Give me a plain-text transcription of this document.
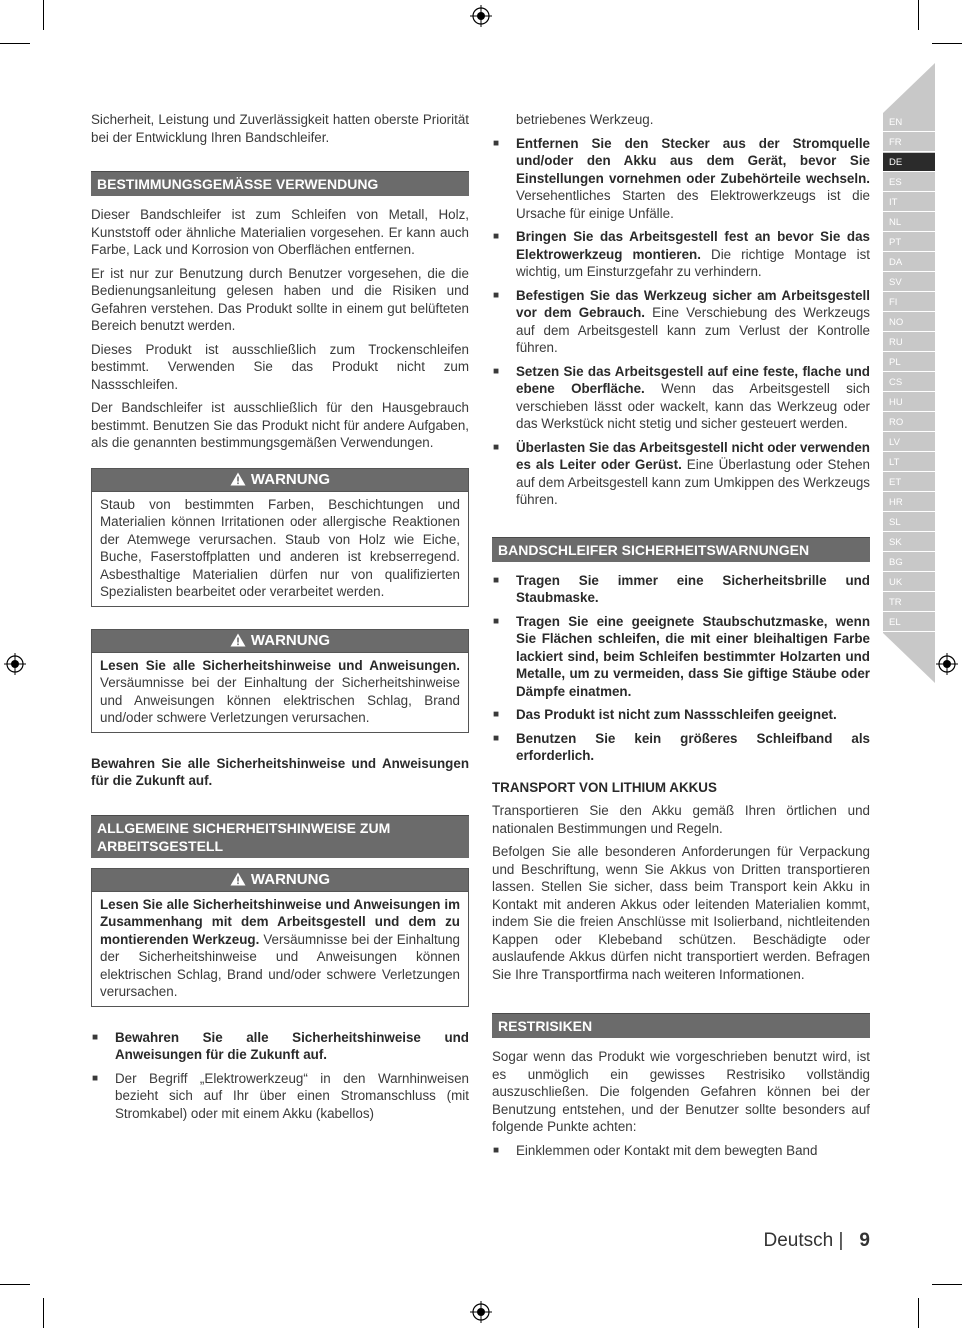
Sicherheit, Leistung und Zuverlässigkeit hatten oberste Priorität bei der Entwicklung Ihren Bandschleifer.

BESTIMMUNGSGEMÄSSE VERWENDUNG

Dieser Bandschleifer ist zum Schleifen von Metall, Holz, Kunststoff oder ähnliche Materialien vorgesehen. Er kann auch Farbe, Lack und Korrosion von Oberflächen entfernen.

Er ist nur zur Benutzung durch Benutzer vorgesehen, die die Bedienungsanleitung gelesen haben und die Risiken und Gefahren verstehen. Das Produkt sollte in einem gut belüfteten Bereich benutzt werden.

Dieses Produkt ist ausschließlich zum Trockenschleifen bestimmt. Verwenden Sie das Produkt nicht zum Nassschleifen.

Der Bandschleifer ist ausschließlich für den Hausgebrauch bestimmt. Benutzen Sie das Produkt nicht für andere Aufgaben, als die genannten bestimmungsgemäßen Verwendungen.

WARNUNG
Staub von bestimmten Farben, Beschichtungen und Materialien können Irritationen oder allergische Reaktionen der Atemwege verursachen. Staub von Holz wie Eiche, Buche, Faserstoffplatten und anderen ist krebserregend. Asbesthaltige Materialien dürfen nur von qualifizierten Spezialisten bearbeitet oder verarbeitet werden.
WARNUNG
Lesen Sie alle Sicherheitshinweise und Anweisungen. Versäumnisse bei der Einhaltung der Sicherheitshinweise und Anweisungen können elektrischen Schlag, Brand und/oder schwere Verletzungen verursachen.

Bewahren Sie alle Sicherheitshinweise und Anweisungen für die Zukunft auf.

ALLGEMEINE SICHERHEITSHINWEISE ZUM ARBEITSGESTELL
WARNUNG
Lesen Sie alle Sicherheitshinweise und Anweisungen im Zusammenhang mit dem Arbeitsgestell und dem zu montierenden Werkzeug. Versäumnisse bei der Einhaltung der Sicherheitshinweise und Anweisungen können elektrischen Schlag, Brand und/oder schwere Verletzungen verursachen.
■ Bewahren Sie alle Sicherheitshinweise und Anweisungen für die Zukunft auf.
■ Der Begriff „Elektrowerkzeug“ in den Warnhinweisen bezieht sich auf Ihr über einen Stromanschluss (mit Stromkabel) oder mit einem Akku (kabellos)
betriebenes Werkzeug.
■ Entfernen Sie den Stecker aus der Stromquelle und/oder den Akku aus dem Gerät, bevor Sie Einstellungen vornehmen oder Zubehörteile wechseln. Versehentliches Starten des Elektrowerkzeugs ist die Ursache für einige Unfälle.
■ Bringen Sie das Arbeitsgestell fest an bevor Sie das Elektrowerkzeug montieren. Die richtige Montage ist wichtig, um Einsturzgefahr zu verhindern.
■ Befestigen Sie das Werkzeug sicher am Arbeitsgestell vor dem Gebrauch. Eine Verschiebung des Werkzeugs auf dem Arbeitsgestell kann zum Verlust der Kontrolle führen.
■ Setzen Sie das Arbeitsgestell auf eine feste, flache und ebene Oberfläche. Wenn das Arbeitsgestell sich verschieben lässt oder wackelt, kann das Werkzeug oder das Werkstück nicht stetig und sicher gesteuert werden.
■ Überlasten Sie das Arbeitsgestell nicht oder verwenden es als Leiter oder Gerüst. Eine Überlastung oder Stehen auf dem Arbeitsgestell kann zum Umkippen des Werkzeugs führen.
BANDSCHLEIFER SICHERHEITSWARNUNGEN
■ Tragen Sie immer eine Sicherheitsbrille und Staubmaske.
■ Tragen Sie eine geeignete Staubschutzmaske, wenn Sie Flächen schleifen, die mit einer bleihaltigen Farbe lackiert sind, beim Schleifen bestimmter Holzarten und Metalle, um zu vermeiden, dass Sie giftige Stäube oder Dämpfe einatmen.
■ Das Produkt ist nicht zum Nassschleifen geeignet.
■ Benutzen Sie kein größeres Schleifband als erforderlich.
TRANSPORT VON LITHIUM AKKUS

Transportieren Sie den Akku gemäß Ihren örtlichen und nationalen Bestimmungen und Regeln.

Befolgen Sie alle besonderen Anforderungen für Verpackung und Beschriftung, wenn Sie Akkus von Dritten transportieren lassen. Stellen Sie sicher, dass beim Transport kein Akku in Kontakt mit anderen Akkus oder leitenden Materialien kommt, indem Sie die freien Anschlüsse mit Isolierband, nichtleitenden Kappen oder Klebeband schützen. Beschädigte oder auslaufende Akkus dürfen nicht transportiert werden. Befragen Sie Ihre Transportfirma nach weiteren Informationen.

RESTRISIKEN

Sogar wenn das Produkt wie vorgeschrieben benutzt wird, ist es unmöglich ein gewisses Restrisiko vollständig auszuschließen. Die folgenden Gefahren können bei der Benutzung entstehen, und der Benutzer sollte besonders auf folgende Punkte achten:

■ Einklemmen oder Kontakt mit dem bewegten Band
EN
FR
DE
ES
IT
NL
PT
DA
SV
FI
NO
RU
PL
CS
HU
RO
LV
LT
ET
HR
SL
SK
BG
UK
TR
EL
Deutsch | 9
